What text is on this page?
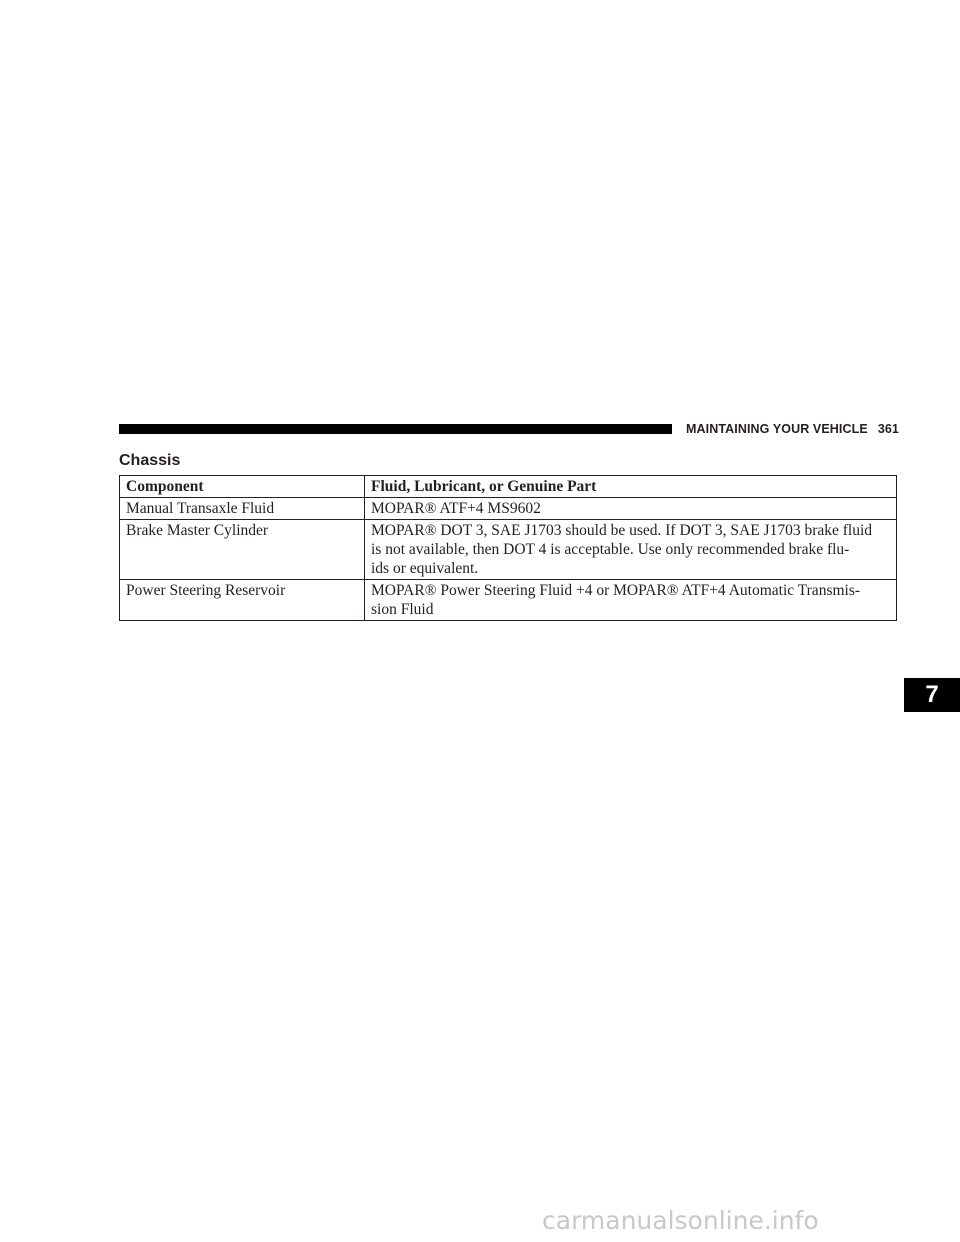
MAINTAINING YOUR VEHICLE 361
Chassis
Component	Fluid, Lubricant, or Genuine Part
Manual Transaxle Fluid	MOPAR® ATF+4 MS9602

Brake Master Cylinder	MOPAR® DOT 3, SAE J1703 should be used. If DOT 3, SAE J1703 brake fluid
is not available, then DOT 4 is acceptable. Use only recommended brake flu-
ids or equivalent.

Power Steering Reservoir	MOPAR® Power Steering Fluid +4 or MOPAR® ATF+4 Automatic Transmis-
sion Fluid
7
carmanualsonline.info
